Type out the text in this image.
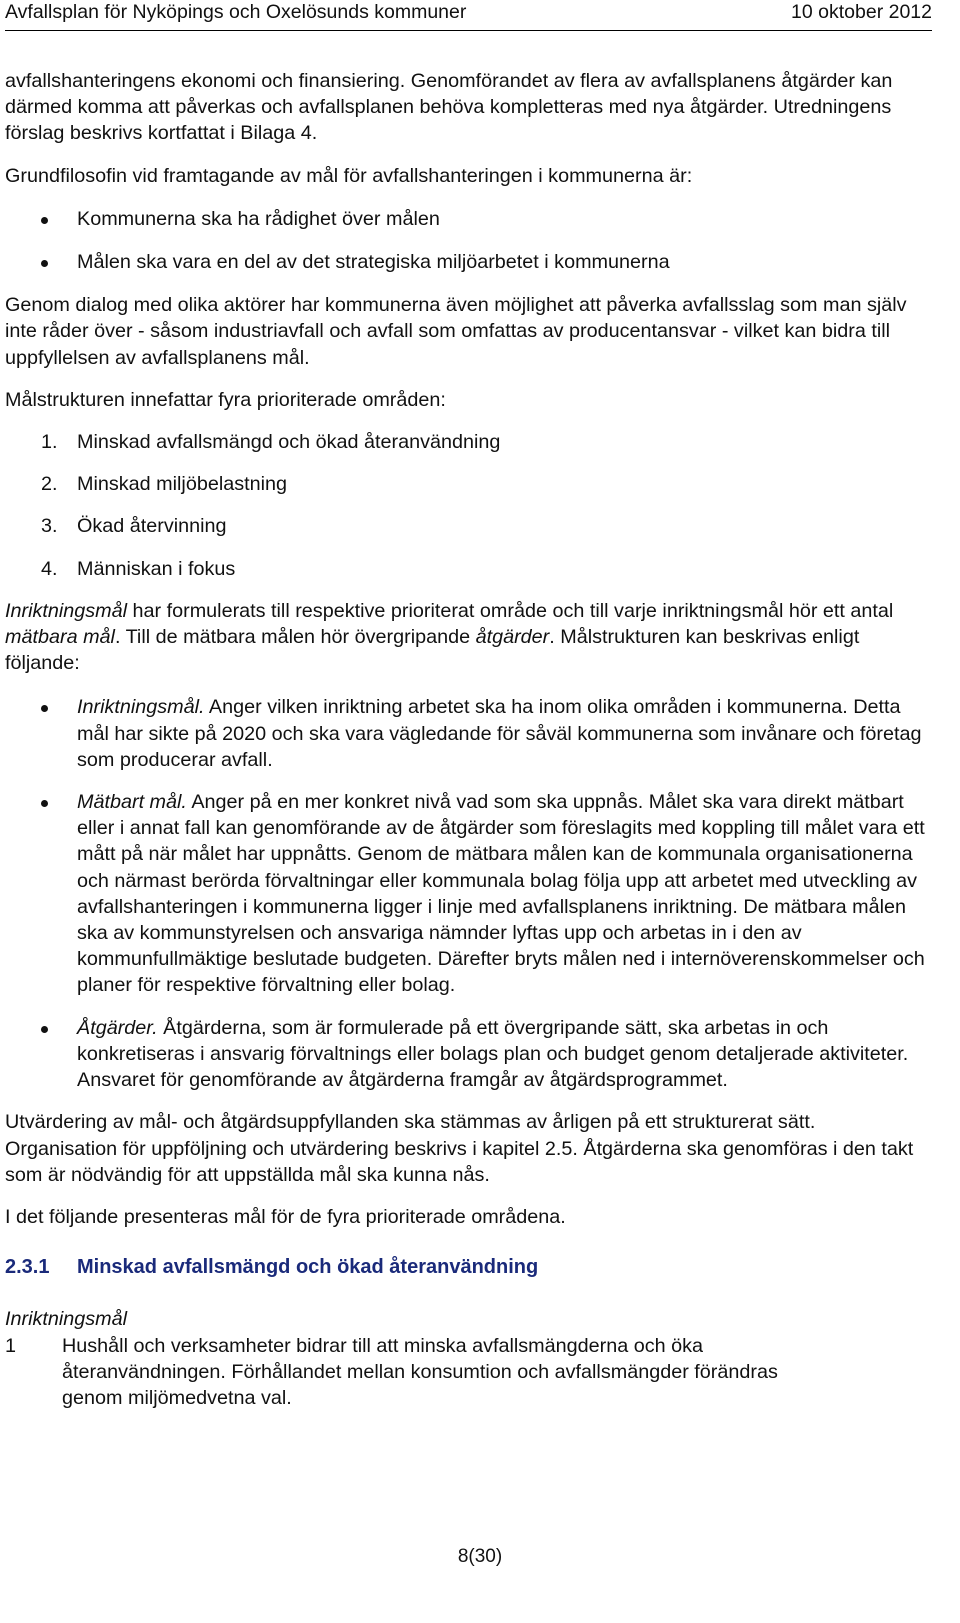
Avfallsplan för Nyköpings och Oxelösunds kommuner	10 oktober 2012

avfallshanteringens ekonomi och finansiering. Genomförandet av flera av avfallsplanens åtgärder kan därmed komma att påverkas och avfallsplanen behöva kompletteras med nya åtgärder. Utredningens förslag beskrivs kortfattat i Bilaga 4.

Grundfilosofin vid framtagande av mål för avfallshanteringen i kommunerna är:

Kommunerna ska ha rådighet över målen
Målen ska vara en del av det strategiska miljöarbetet i kommunerna

Genom dialog med olika aktörer har kommunerna även möjlighet att påverka avfallsslag som man själv inte råder över - såsom industriavfall och avfall som omfattas av producentansvar - vilket kan bidra till uppfyllelsen av avfallsplanens mål.

Målstrukturen innefattar fyra prioriterade områden:

1. Minskad avfallsmängd och ökad återanvändning
2. Minskad miljöbelastning
3. Ökad återvinning
4. Människan i fokus

Inriktningsmål har formulerats till respektive prioriterat område och till varje inriktningsmål hör ett antal mätbara mål. Till de mätbara målen hör övergripande åtgärder. Målstrukturen kan beskrivas enligt följande:

Inriktningsmål. Anger vilken inriktning arbetet ska ha inom olika områden i kommunerna. Detta mål har sikte på 2020 och ska vara vägledande för såväl kommunerna som invånare och företag som producerar avfall.
Mätbart mål. Anger på en mer konkret nivå vad som ska uppnås. Målet ska vara direkt mätbart eller i annat fall kan genomförande av de åtgärder som föreslagits med koppling till målet vara ett mått på när målet har uppnåtts. Genom de mätbara målen kan de kommunala organisationerna och närmast berörda förvaltningar eller kommunala bolag följa upp att arbetet med utveckling av avfallshanteringen i kommunerna ligger i linje med avfallsplanens inriktning. De mätbara målen ska av kommunstyrelsen och ansvariga nämnder lyftas upp och arbetas in i den av kommunfullmäktige beslutade budgeten. Därefter bryts målen ned i internöverenskommelser och planer för respektive förvaltning eller bolag.
Åtgärder. Åtgärderna, som är formulerade på ett övergripande sätt, ska arbetas in och konkretiseras i ansvarig förvaltnings eller bolags plan och budget genom detaljerade aktiviteter. Ansvaret för genomförande av åtgärderna framgår av åtgärdsprogrammet.

Utvärdering av mål- och åtgärdsuppfyllanden ska stämmas av årligen på ett strukturerat sätt. Organisation för uppföljning och utvärdering beskrivs i kapitel 2.5. Åtgärderna ska genomföras i den takt som är nödvändig för att uppställda mål ska kunna nås.

I det följande presenteras mål för de fyra prioriterade områdena.

2.3.1	Minskad avfallsmängd och ökad återanvändning

Inriktningsmål

1	Hushåll och verksamheter bidrar till att minska avfallsmängderna och öka återanvändningen. Förhållandet mellan konsumtion och avfallsmängder förändras genom miljömedvetna val.
8(30)
